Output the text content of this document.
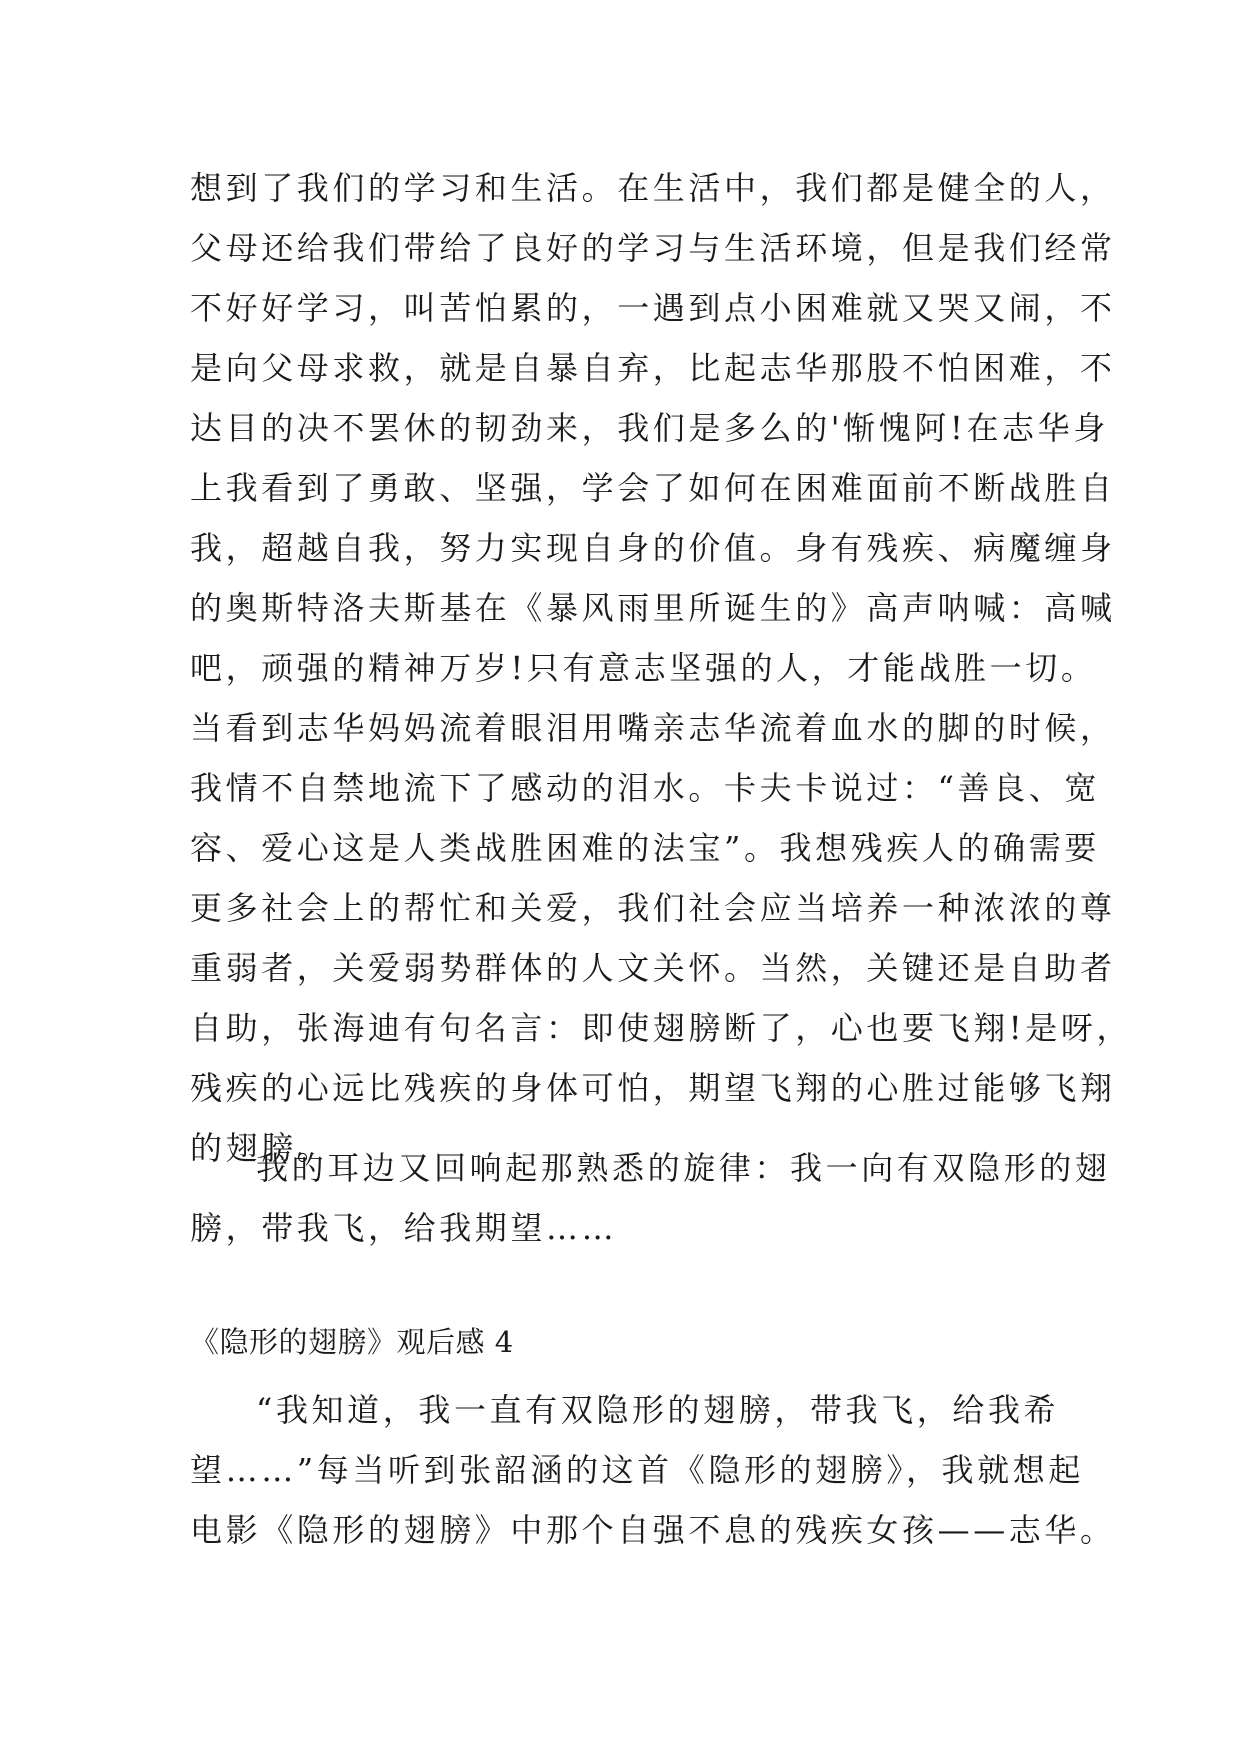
想到了我们的学习和生活。在生活中，我们都是健全的人，
父母还给我们带给了良好的学习与生活环境，但是我们经常
不好好学习，叫苦怕累的，一遇到点小困难就又哭又闹，不
是向父母求救，就是自暴自弃，比起志华那股不怕困难，不
达目的决不罢休的韧劲来，我们是多么的'惭愧阿!在志华身
上我看到了勇敢、坚强，学会了如何在困难面前不断战胜自
我，超越自我，努力实现自身的价值。身有残疾、病魔缠身
的奥斯特洛夫斯基在《暴风雨里所诞生的》高声呐喊：高喊
吧，顽强的精神万岁!只有意志坚强的人，才能战胜一切。
当看到志华妈妈流着眼泪用嘴亲志华流着血水的脚的时候，
我情不自禁地流下了感动的泪水。卡夫卡说过：“善良、宽
容、爱心这是人类战胜困难的法宝”。我想残疾人的确需要
更多社会上的帮忙和关爱，我们社会应当培养一种浓浓的尊
重弱者，关爱弱势群体的人文关怀。当然，关键还是自助者
自助，张海迪有句名言：即使翅膀断了，心也要飞翔!是呀，
残疾的心远比残疾的身体可怕，期望飞翔的心胜过能够飞翔
的翅膀。
我的耳边又回响起那熟悉的旋律：我一向有双隐形的翅
膀，带我飞，给我期望……
《隐形的翅膀》观后感 4
“我知道，我一直有双隐形的翅膀，带我飞，给我希
望……”每当听到张韶涵的这首《隐形的翅膀》，我就想起
电影《隐形的翅膀》中那个自强不息的残疾女孩——志华。
